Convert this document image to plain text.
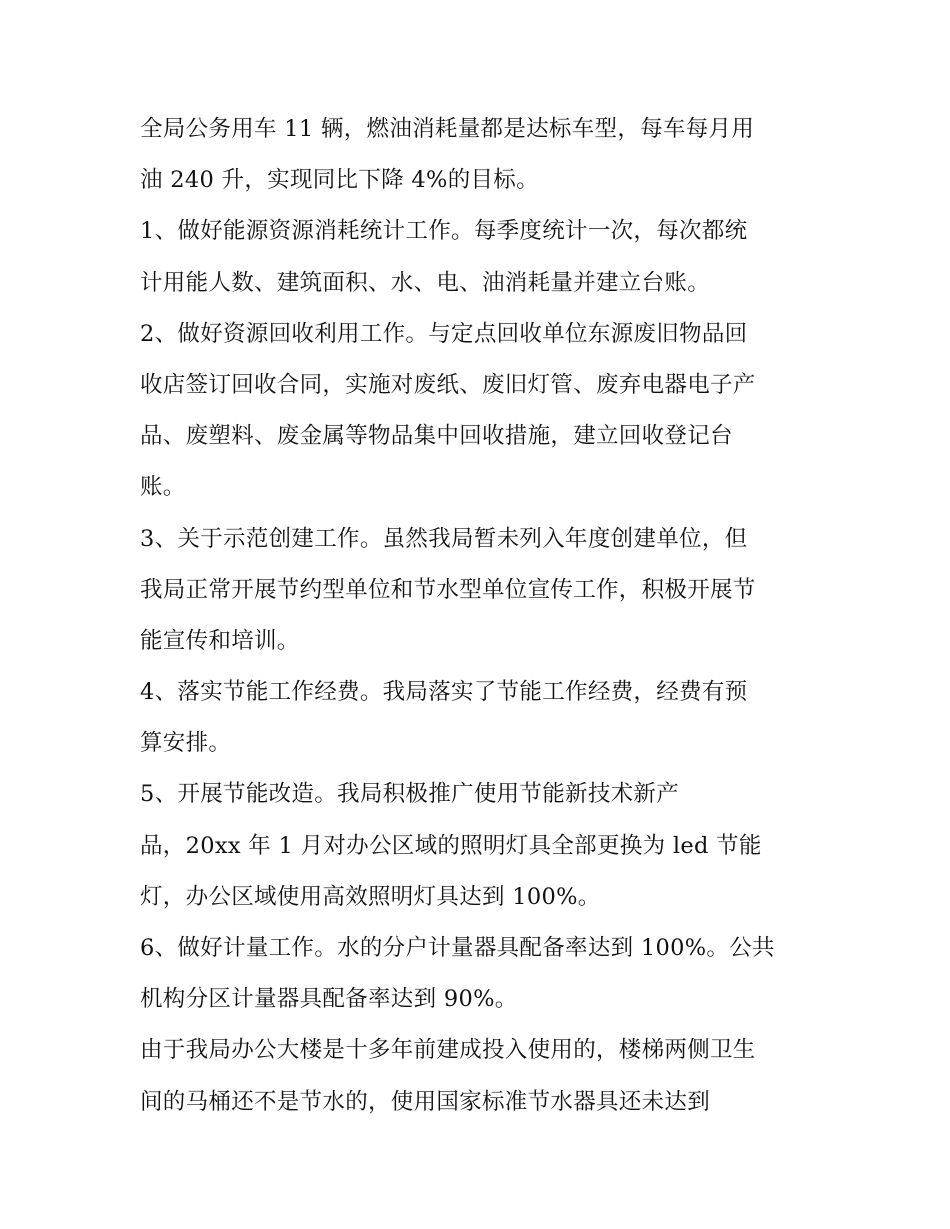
全局公务用车 11 辆，燃油消耗量都是达标车型，每车每月用
油 240 升，实现同比下降 4%的目标。
1、做好能源资源消耗统计工作。每季度统计一次，每次都统
计用能人数、建筑面积、水、电、油消耗量并建立台账。
2、做好资源回收利用工作。与定点回收单位东源废旧物品回
收店签订回收合同，实施对废纸、废旧灯管、废弃电器电子产
品、废塑料、废金属等物品集中回收措施，建立回收登记台
账。
3、关于示范创建工作。虽然我局暂未列入年度创建单位，但
我局正常开展节约型单位和节水型单位宣传工作，积极开展节
能宣传和培训。
4、落实节能工作经费。我局落实了节能工作经费，经费有预
算安排。
5、开展节能改造。我局积极推广使用节能新技术新产
品，20xx 年 1 月对办公区域的照明灯具全部更换为 led 节能
灯，办公区域使用高效照明灯具达到 100%。
6、做好计量工作。水的分户计量器具配备率达到 100%。公共
机构分区计量器具配备率达到 90%。
由于我局办公大楼是十多年前建成投入使用的，楼梯两侧卫生
间的马桶还不是节水的，使用国家标准节水器具还未达到
